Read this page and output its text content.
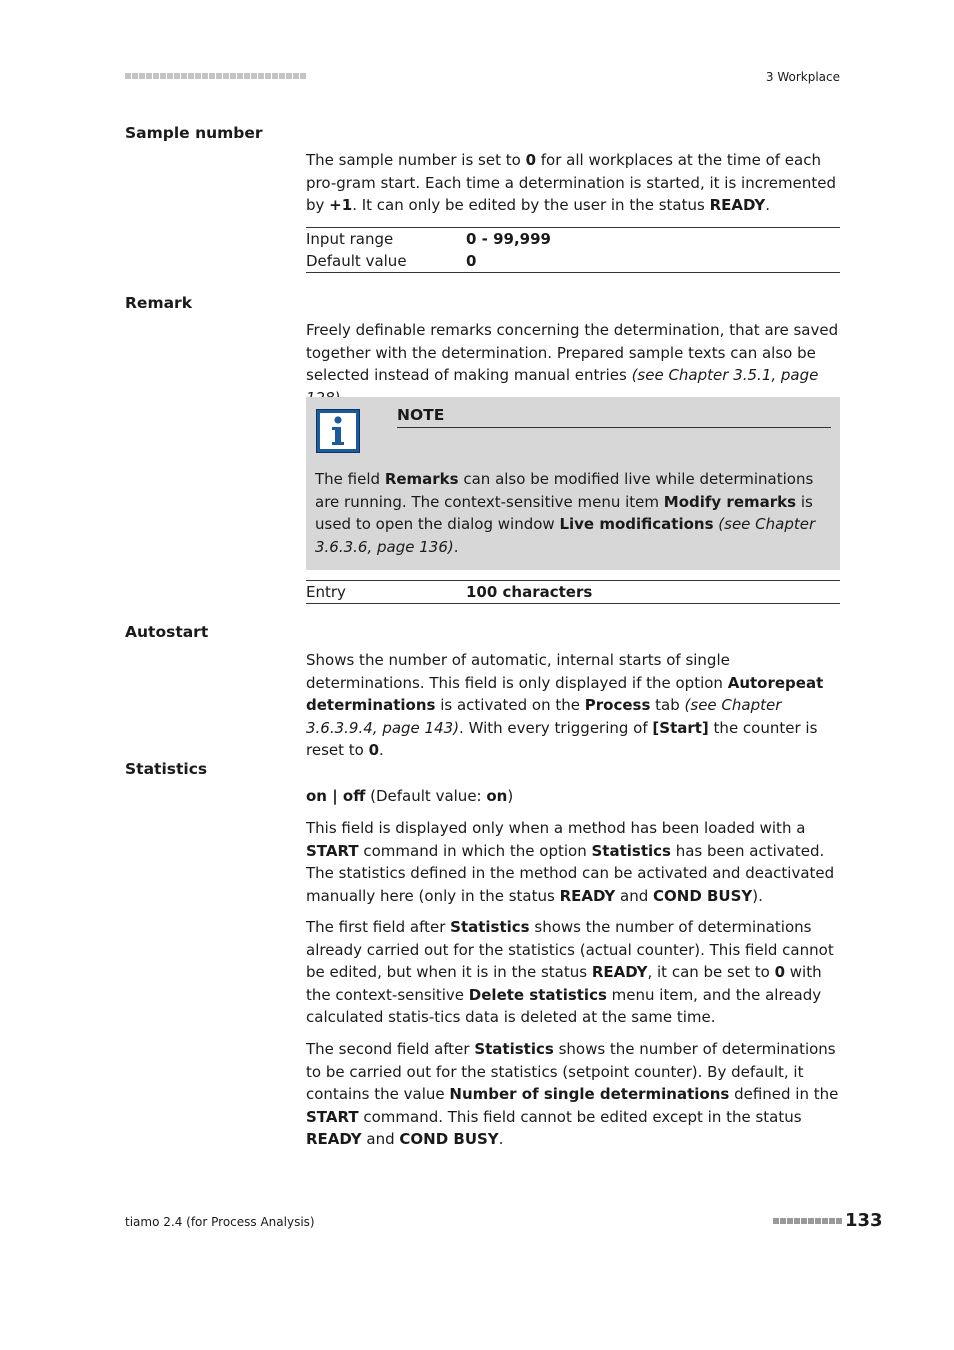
3 Workplace
Sample number

The sample number is set to 0 for all workplaces at the time of each pro-gram start. Each time a determination is started, it is incremented by +1. It can only be edited by the user in the status READY.

Input range	0 - 99,999
Default value	0
Remark

Freely definable remarks concerning the determination, that are saved together with the determination. Prepared sample texts can also be selected instead of making manual entries (see Chapter 3.5.1, page

NOTE

The field Remarks can also be modified live while determinations are running. The context-sensitive menu item Modify remarks is used to open the dialog window Live modifications (see Chapter 3.6.3.6, page 136).

Entry	100 characters
Autostart

Shows the number of automatic, internal starts of single determinations. This field is only displayed if the option Autorepeat determinations is activated on the Process tab (see Chapter 3.6.3.9.4, page 143). With every triggering of [Start] the counter is reset to 0.

Statistics

on | off (Default value: on)

This field is displayed only when a method has been loaded with a START command in which the option Statistics has been activated. The statistics defined in the method can be activated and deactivated manually here (only in the status READY and COND BUSY).

The first field after Statistics shows the number of determinations already carried out for the statistics (actual counter). This field cannot be edited, but when it is in the status READY, it can be set to 0 with the context-sensitive Delete statistics menu item, and the already calculated statis-tics data is deleted at the same time.

The second field after Statistics shows the number of determinations to be carried out for the statistics (setpoint counter). By default, it contains the value Number of single determinations defined in the START command. This field cannot be edited except in the status READY and COND BUSY.

tiamo 2.4 (for Process Analysis)	133
